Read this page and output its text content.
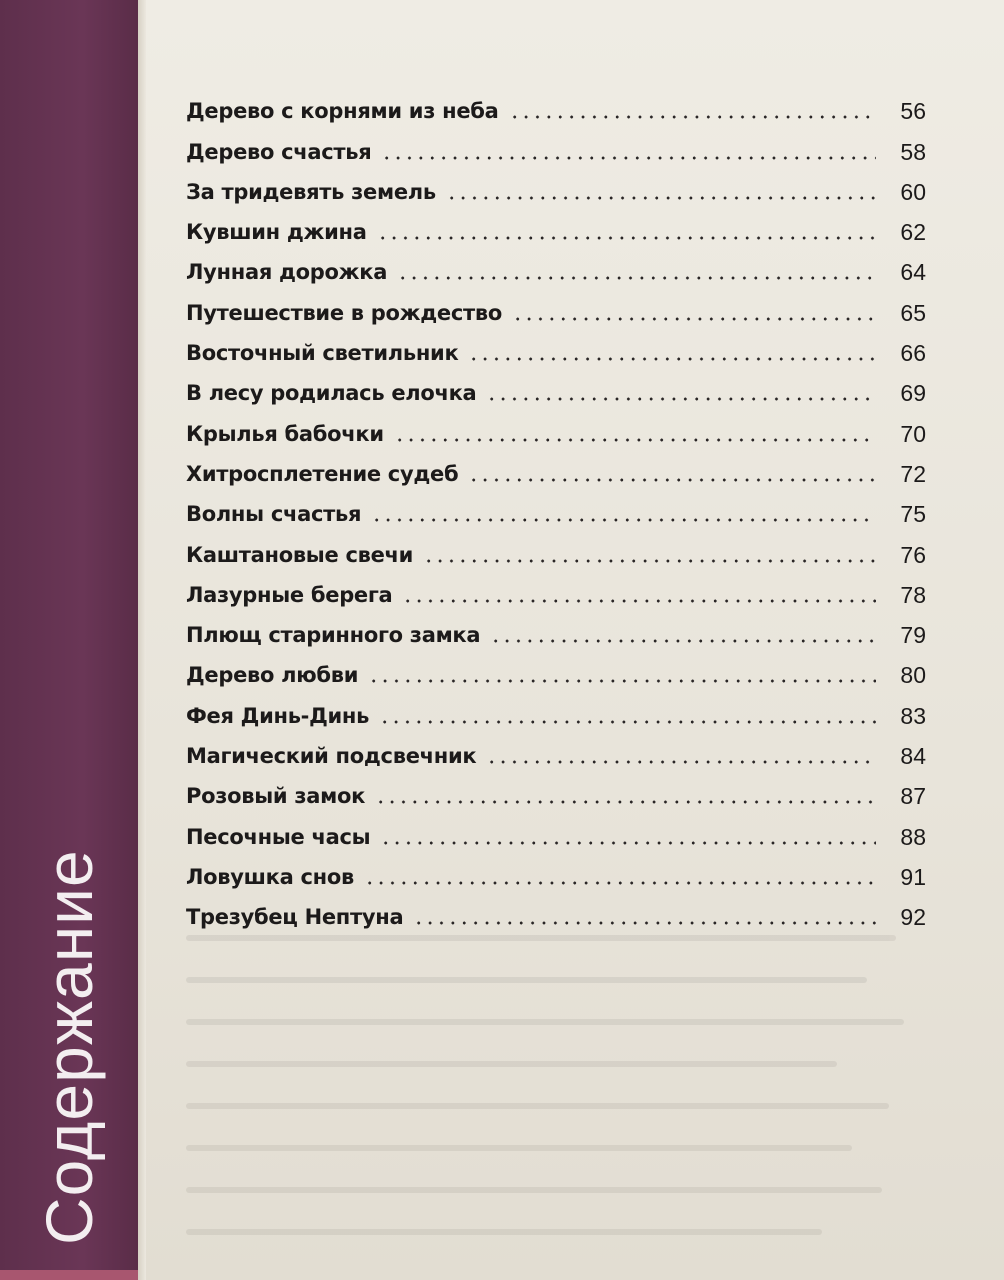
Содержание
Дерево с корнями из неба	56
Дерево счастья	58
За тридевять земель	60
Кувшин джина	62
Лунная дорожка	64
Путешествие в рождество	65
Восточный светильник	66
В лесу родилась елочка	69
Крылья бабочки	70
Хитросплетение судеб	72
Волны счастья	75
Каштановые свечи	76
Лазурные берега	78
Плющ старинного замка	79
Дерево любви	80
Фея Динь-Динь	83
Магический подсвечник	84
Розовый замок	87
Песочные часы	88
Ловушка снов	91
Трезубец Нептуна	92
